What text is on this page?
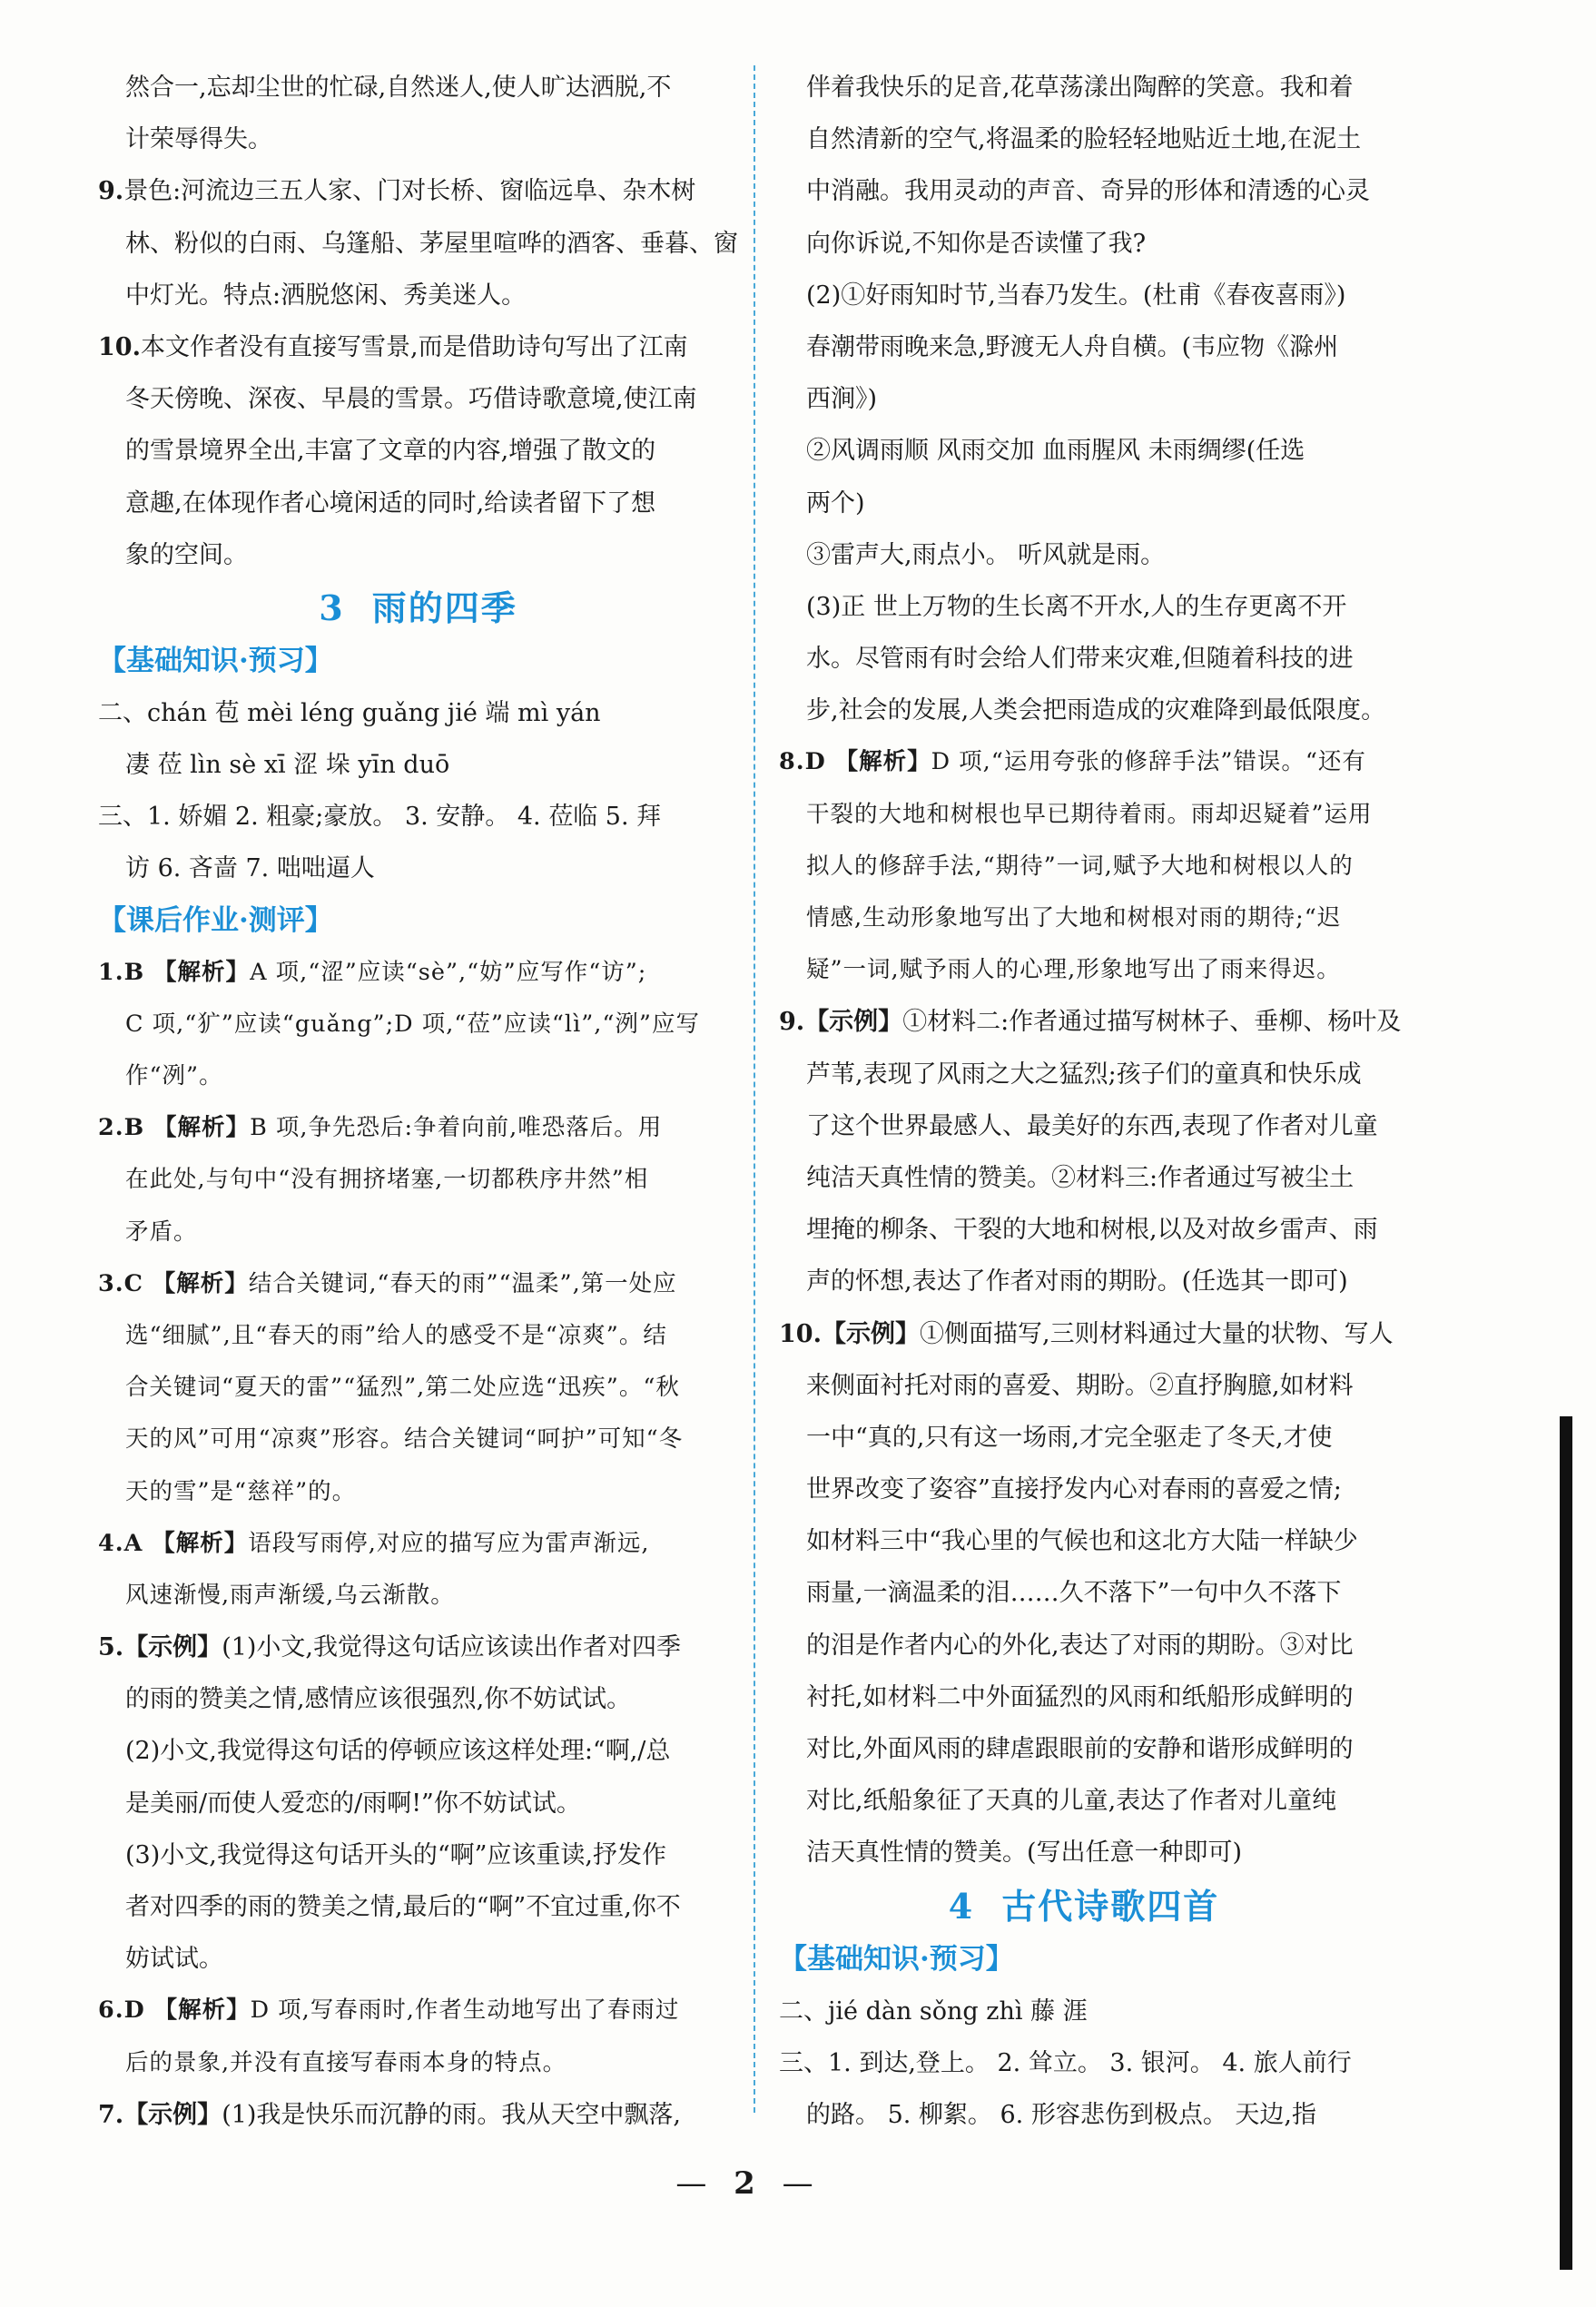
然合一,忘却尘世的忙碌,自然迷人,使人旷达洒脱,不
计荣辱得失。
9.景色:河流边三五人家、门对长桥、窗临远阜、杂木树
林、粉似的白雨、乌篷船、茅屋里喧哗的酒客、垂暮、窗
中灯光。特点:洒脱悠闲、秀美迷人。
10.本文作者没有直接写雪景,而是借助诗句写出了江南
冬天傍晚、深夜、早晨的雪景。巧借诗歌意境,使江南
的雪景境界全出,丰富了文章的内容,增强了散文的
意趣,在体现作者心境闲适的同时,给读者留下了想
象的空间。
3 雨的四季
【基础知识·预习】
二、chán 苞 mèi léng guǎng jié 端 mì yán
凄 莅 lìn sè xī 涩 垛 yīn duō
三、1. 娇媚 2. 粗豪;豪放。 3. 安静。 4. 莅临 5. 拜
访 6. 吝啬 7. 咄咄逼人
【课后作业·测评】
1.B 【解析】A 项,“涩”应读“sè”,“妨”应写作“访”;
C 项,“犷”应读“guǎng”;D 项,“莅”应读“lì”,“洌”应写
作“冽”。
2.B 【解析】B 项,争先恐后:争着向前,唯恐落后。用
在此处,与句中“没有拥挤堵塞,一切都秩序井然”相
矛盾。
3.C 【解析】结合关键词,“春天的雨”“温柔”,第一处应
选“细腻”,且“春天的雨”给人的感受不是“凉爽”。结
合关键词“夏天的雷”“猛烈”,第二处应选“迅疾”。“秋
天的风”可用“凉爽”形容。结合关键词“呵护”可知“冬
天的雪”是“慈祥”的。
4.A 【解析】语段写雨停,对应的描写应为雷声渐远,
风速渐慢,雨声渐缓,乌云渐散。
5.【示例】(1)小文,我觉得这句话应该读出作者对四季
的雨的赞美之情,感情应该很强烈,你不妨试试。
(2)小文,我觉得这句话的停顿应该这样处理:“啊,/总
是美丽/而使人爱恋的/雨啊!”你不妨试试。
(3)小文,我觉得这句话开头的“啊”应该重读,抒发作
者对四季的雨的赞美之情,最后的“啊”不宜过重,你不
妨试试。
6.D 【解析】D 项,写春雨时,作者生动地写出了春雨过
后的景象,并没有直接写春雨本身的特点。
7.【示例】(1)我是快乐而沉静的雨。我从天空中飘落,
伴着我快乐的足音,花草荡漾出陶醉的笑意。我和着
自然清新的空气,将温柔的脸轻轻地贴近土地,在泥土
中消融。我用灵动的声音、奇异的形体和清透的心灵
向你诉说,不知你是否读懂了我?
(2)①好雨知时节,当春乃发生。(杜甫《春夜喜雨》)
春潮带雨晚来急,野渡无人舟自横。(韦应物《滁州
西涧》)
②风调雨顺 风雨交加 血雨腥风 未雨绸缪(任选
两个)
③雷声大,雨点小。 听风就是雨。
(3)正 世上万物的生长离不开水,人的生存更离不开
水。尽管雨有时会给人们带来灾难,但随着科技的进
步,社会的发展,人类会把雨造成的灾难降到最低限度。
8.D 【解析】D 项,“运用夸张的修辞手法”错误。“还有
干裂的大地和树根也早已期待着雨。雨却迟疑着”运用
拟人的修辞手法,“期待”一词,赋予大地和树根以人的
情感,生动形象地写出了大地和树根对雨的期待;“迟
疑”一词,赋予雨人的心理,形象地写出了雨来得迟。
9.【示例】①材料二:作者通过描写树林子、垂柳、杨叶及
芦苇,表现了风雨之大之猛烈;孩子们的童真和快乐成
了这个世界最感人、最美好的东西,表现了作者对儿童
纯洁天真性情的赞美。②材料三:作者通过写被尘土
埋掩的柳条、干裂的大地和树根,以及对故乡雷声、雨
声的怀想,表达了作者对雨的期盼。(任选其一即可)
10.【示例】①侧面描写,三则材料通过大量的状物、写人
来侧面衬托对雨的喜爱、期盼。②直抒胸臆,如材料
一中“真的,只有这一场雨,才完全驱走了冬天,才使
世界改变了姿容”直接抒发内心对春雨的喜爱之情;
如材料三中“我心里的气候也和这北方大陆一样缺少
雨量,一滴温柔的泪……久不落下”一句中久不落下
的泪是作者内心的外化,表达了对雨的期盼。③对比
衬托,如材料二中外面猛烈的风雨和纸船形成鲜明的
对比,外面风雨的肆虐跟眼前的安静和谐形成鲜明的
对比,纸船象征了天真的儿童,表达了作者对儿童纯
洁天真性情的赞美。(写出任意一种即可)
4 古代诗歌四首
【基础知识·预习】
二、jié dàn sǒng zhì 藤 涯
三、1. 到达,登上。 2. 耸立。 3. 银河。 4. 旅人前行
的路。 5. 柳絮。 6. 形容悲伤到极点。 天边,指
— 2 —
